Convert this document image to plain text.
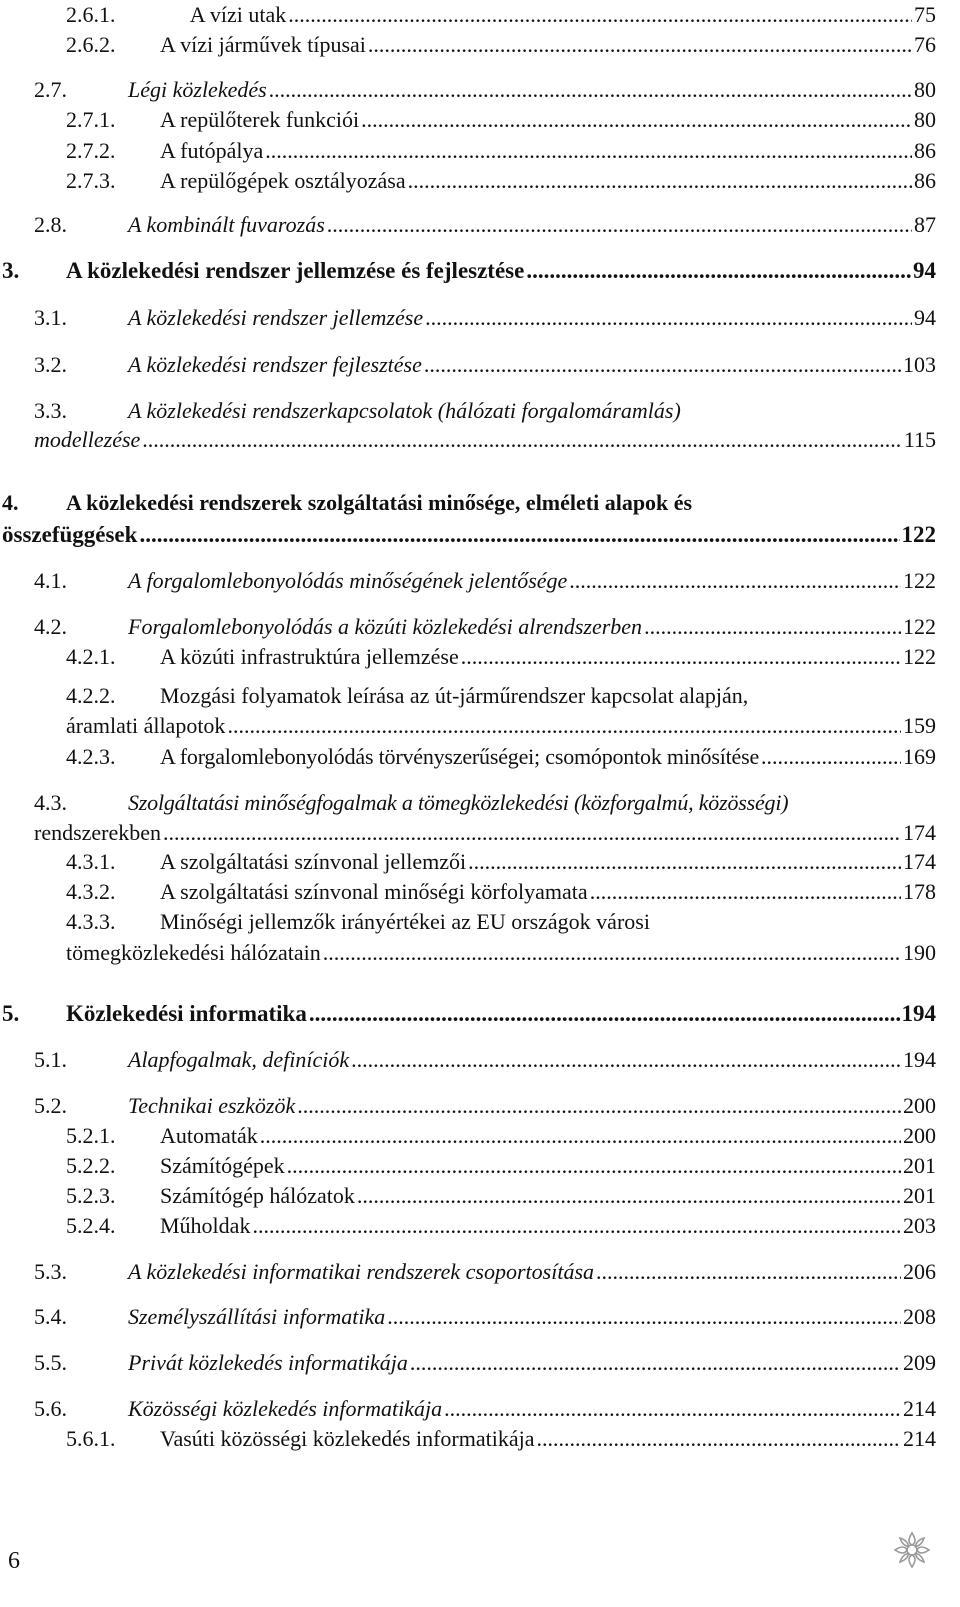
2.6.1.	A vízi utak .....	75
2.6.2. A vízi járművek típusai .....	76
2.7.	Légi közlekedés .....	80
2.7.1. A repülőterek funkciói .....	80
2.7.2. A futópálya .....	86
2.7.3. A repülőgépek osztályozása .....	86
2.8.	A kombinált fuvarozás .....	87
3. A közlekedési rendszer jellemzése és fejlesztése .....	94
3.1.	A közlekedési rendszer jellemzése .....	94
3.2.	A közlekedési rendszer fejlesztése .....	103
3.3.	A közlekedési rendszerkapcsolatok (hálózati forgalomáramlás)
modellezése .....	115
4. A közlekedési rendszerek szolgáltatási minősége, elméleti alapok és
összefüggések .....	122
4.1.	A forgalomlebonyolódás minőségének jelentősége .....	122
4.2.	Forgalomlebonyolódás a közúti közlekedési alrendszerben .....	122
4.2.1. A közúti infrastruktúra jellemzése .....	122
4.2.2. Mozgási folyamatok leírása az út-járműrendszer kapcsolat alapján,
áramlati állapotok .....	159
4.2.3. A forgalomlebonyolódás törvényszerűségei; csomópontok minősítése .....	169
4.3.	Szolgáltatási minőségfogalmak a tömegközlekedési (közforgalmú, közösségi)
rendszerekben .....	174
4.3.1. A szolgáltatási színvonal jellemzői .....	174
4.3.2. A szolgáltatási színvonal minőségi körfolyamata .....	178
4.3.3. Minőségi jellemzők irányértékei az EU országok városi
tömegközlekedési hálózatain .....	190
5. Közlekedési informatika .....	194
5.1.	Alapfogalmak, definíciók .....	194
5.2.	Technikai eszközök .....	200
5.2.1. Automaták .....	200
5.2.2. Számítógépek .....	201
5.2.3. Számítógép hálózatok .....	201
5.2.4. Műholdak .....	203
5.3.	A közlekedési informatikai rendszerek csoportosítása .....	206
5.4.	Személyszállítási informatika .....	208
5.5.	Privát közlekedés informatikája .....	209
5.6.	Közösségi közlekedés informatikája .....	214
5.6.1. Vasúti közösségi közlekedés informatikája .....	214
6
